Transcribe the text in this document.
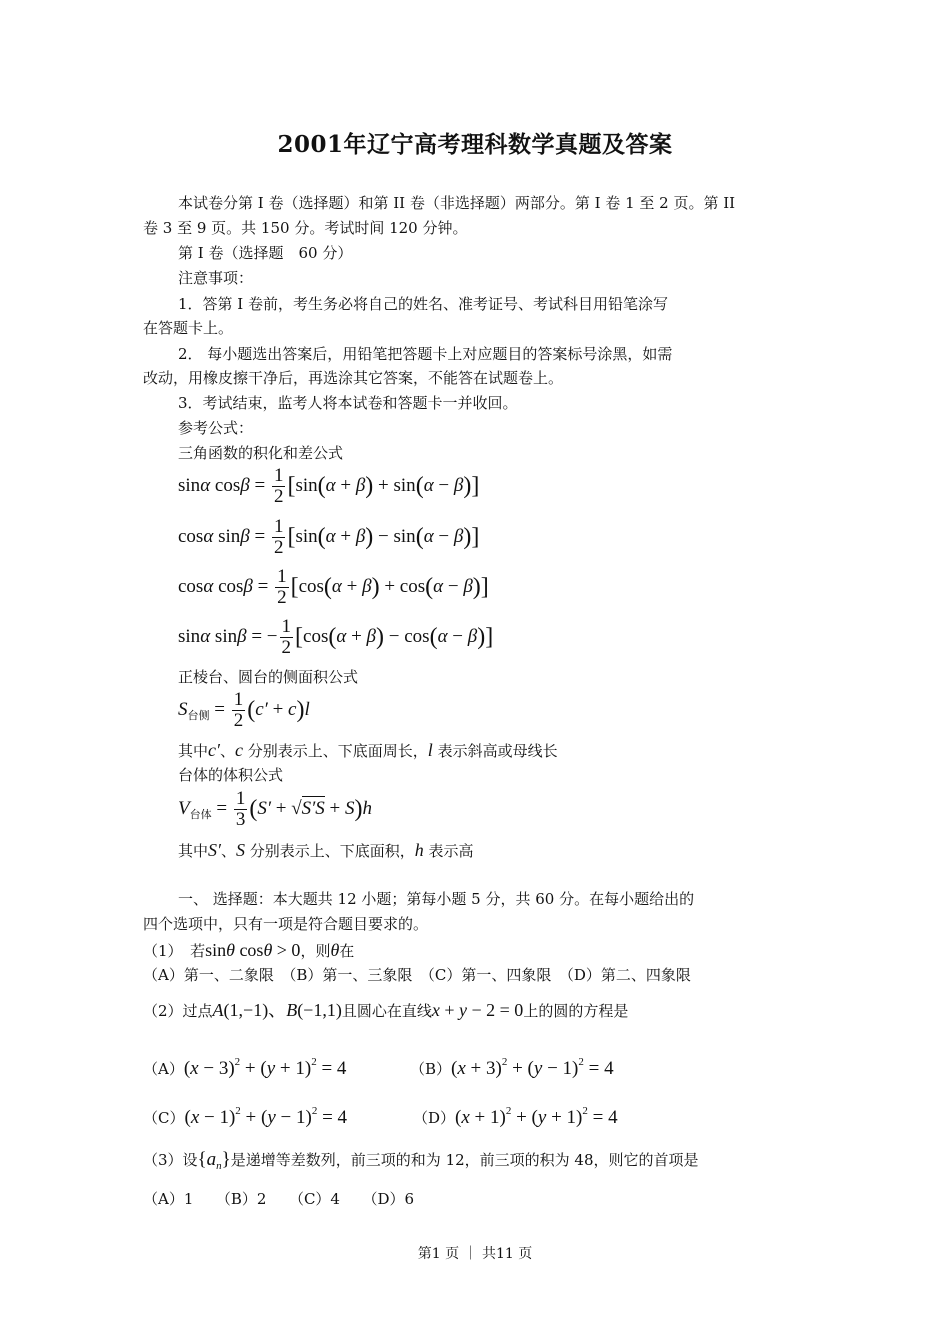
2001年辽宁高考理科数学真题及答案
本试卷分第 I 卷（选择题）和第 II 卷（非选择题）两部分。第 I 卷 1 至 2 页。第 II
卷 3 至 9 页。共 150 分。考试时间 120 分钟。
第 I 卷（选择题　60 分）
注意事项：
1．答第 I 卷前，考生务必将自己的姓名、准考证号、考试科目用铅笔涂写
在答题卡上。
2． 每小题选出答案后，用铅笔把答题卡上对应题目的答案标号涂黑，如需
改动，用橡皮擦干净后，再选涂其它答案，不能答在试题卷上。
3．考试结束，监考人将本试卷和答题卡一并收回。
参考公式：
三角函数的积化和差公式
sinα $\cos\beta = \frac{1}{2} [\sin(\alpha + \beta) + \sin(\alpha - \beta)]$
cosα $\sin\beta = \frac{1}{2} [\sin(\alpha + \beta) - \sin(\alpha - \beta)]$
cosα $\cos\beta = \frac{1}{2} [\cos(\alpha + \beta) + \cos(\alpha - \beta)]$
sinα sinβ = − $\frac{1}{2} [\cos(\alpha + \beta) - \cos(\alpha - \beta)]$
正棱台、圆台的侧面积公式
$S_{台侧} = \frac{1}{2} (c' + c)l$
其中c′、c 分别表示上、下底面周长，l 表示斜高或母线长
台体的体积公式
$V_{台体} = \frac{1}{3} (S' + √S'S + S)h$
其中S′、S 分别表示上、下底面积，h 表示高
一、 选择题：本大题共 12 小题；第每小题 5 分，共 60 分。在每小题给出的
四个选项中，只有一项是符合题目要求的。
（1）　 若sinθ cosθ > 0，则θ在
（A）第一、二象限　（B）第一、三象限　（C）第一、四象限　（D）第二、四象限
（2）过点A(1,−1)、B(−1,1)且圆心在直线x + y − 2 = 0上的圆的方程是
$(A)(x - 3)^2 + (y + 1)^2 = 4$	$(B)(x + 3)^2 + (y - 1)^2 = 4$
$(C)(x - 1)^2 + (y - 1)^2 = 4$	$(D)(x + 1)^2 + (y + 1)^2 = 4$
（3）设$\{a_n\}$是递增等差数列，前三项的和为 12，前三项的积为 48，则它的首项是
（A）1　　（B）2　　（C）4　　（D）6
第1 页 ｜ 共11 页
